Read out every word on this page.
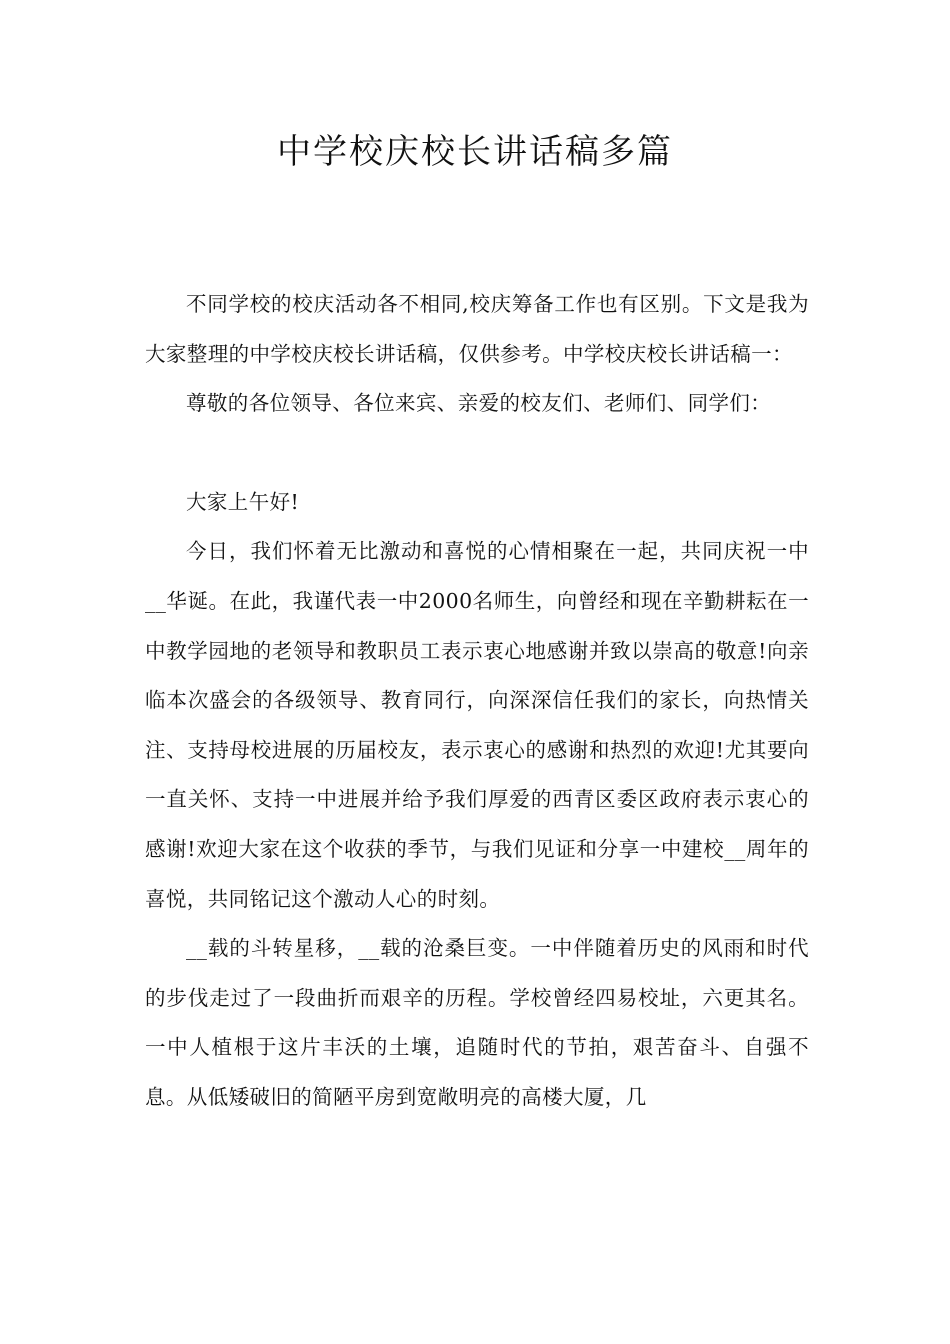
中学校庆校长讲话稿多篇

不同学校的校庆活动各不相同,校庆筹备工作也有区别。下文是我为大家整理的中学校庆校长讲话稿，仅供参考。中学校庆校长讲话稿一：

尊敬的各位领导、各位来宾、亲爱的校友们、老师们、同学们：

大家上午好!

今日，我们怀着无比激动和喜悦的心情相聚在一起，共同庆祝一中__华诞。在此，我谨代表一中2000名师生，向曾经和现在辛勤耕耘在一中教学园地的老领导和教职员工表示衷心地感谢并致以崇高的敬意!向亲临本次盛会的各级领导、教育同行，向深深信任我们的家长，向热情关注、支持母校进展的历届校友，表示衷心的感谢和热烈的欢迎!尤其要向一直关怀、支持一中进展并给予我们厚爱的西青区委区政府表示衷心的感谢!欢迎大家在这个收获的季节，与我们见证和分享一中建校__周年的喜悦，共同铭记这个激动人心的时刻。

__载的斗转星移，__载的沧桑巨变。一中伴随着历史的风雨和时代的步伐走过了一段曲折而艰辛的历程。学校曾经四易校址，六更其名。一中人植根于这片丰沃的土壤，追随时代的节拍，艰苦奋斗、自强不息。从低矮破旧的简陋平房到宽敞明亮的高楼大厦，几
